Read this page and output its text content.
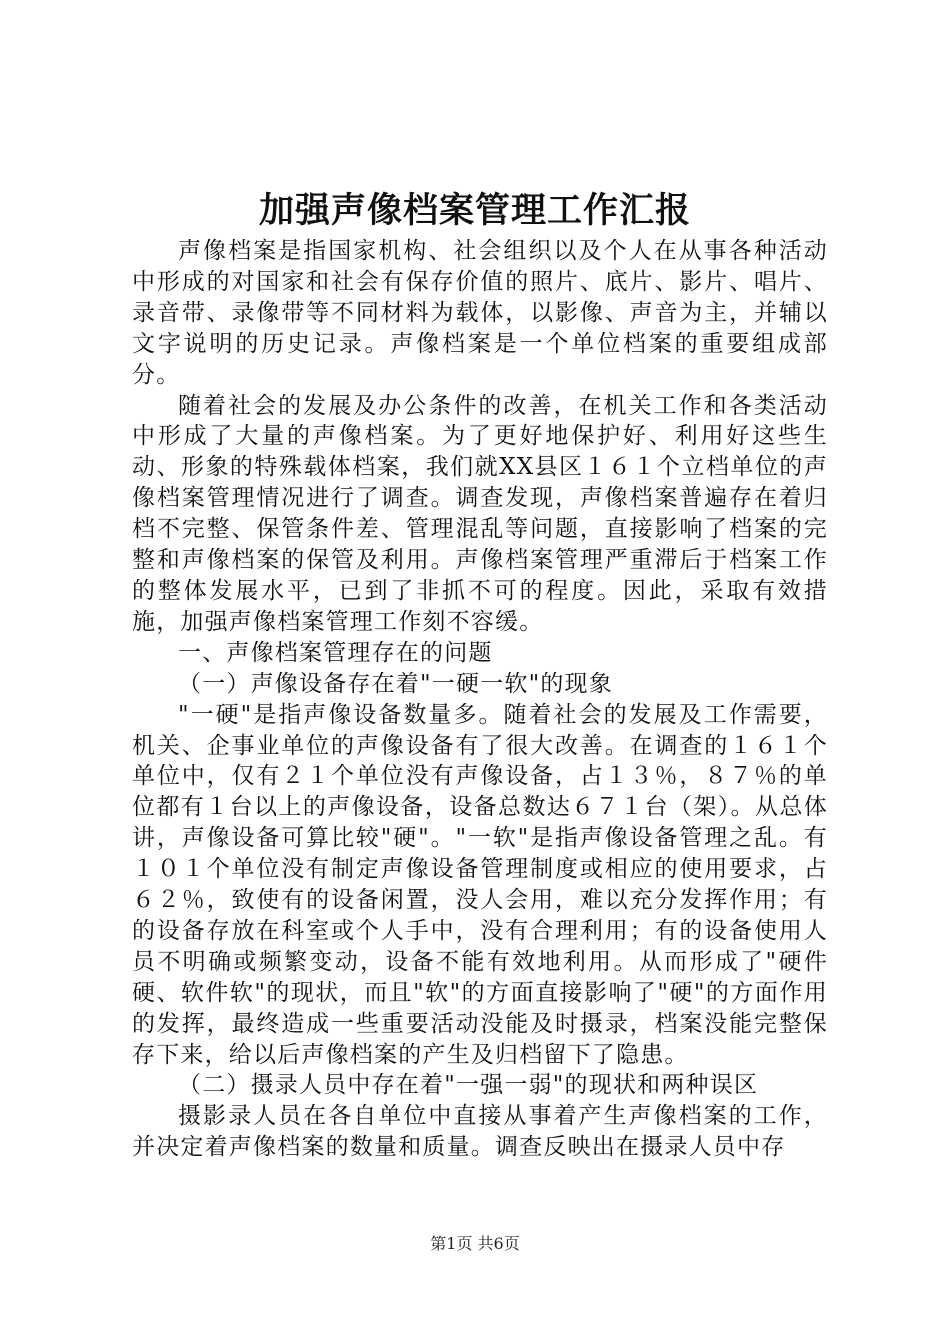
加强声像档案管理工作汇报

声像档案是指国家机构、社会组织以及个人在从事各种活动中形成的对国家和社会有保存价值的照片、底片、影片、唱片、录音带、录像带等不同材料为载体，以影像、声音为主，并辅以文字说明的历史记录。声像档案是一个单位档案的重要组成部分。

随着社会的发展及办公条件的改善，在机关工作和各类活动中形成了大量的声像档案。为了更好地保护好、利用好这些生动、形象的特殊载体档案，我们就XX县区１６１个立档单位的声像档案管理情况进行了调查。调查发现，声像档案普遍存在着归档不完整、保管条件差、管理混乱等问题，直接影响了档案的完整和声像档案的保管及利用。声像档案管理严重滞后于档案工作的整体发展水平，已到了非抓不可的程度。因此，采取有效措施，加强声像档案管理工作刻不容缓。

一、声像档案管理存在的问题

（一）声像设备存在着"一硬一软"的现象

"一硬"是指声像设备数量多。随着社会的发展及工作需要，机关、企事业单位的声像设备有了很大改善。在调查的１６１个单位中，仅有２１个单位没有声像设备，占１３％，８７％的单位都有１台以上的声像设备，设备总数达６７１台（架）。从总体讲，声像设备可算比较"硬"。"一软"是指声像设备管理之乱。有１０１个单位没有制定声像设备管理制度或相应的使用要求，占６２％，致使有的设备闲置，没人会用，难以充分发挥作用；有的设备存放在科室或个人手中，没有合理利用；有的设备使用人员不明确或频繁变动，设备不能有效地利用。从而形成了"硬件硬、软件软"的现状，而且"软"的方面直接影响了"硬"的方面作用的发挥，最终造成一些重要活动没能及时摄录，档案没能完整保存下来，给以后声像档案的产生及归档留下了隐患。

（二）摄录人员中存在着"一强一弱"的现状和两种误区

摄影录人员在各自单位中直接从事着产生声像档案的工作，并决定着声像档案的数量和质量。调查反映出在摄录人员中存

第1页 共6页
